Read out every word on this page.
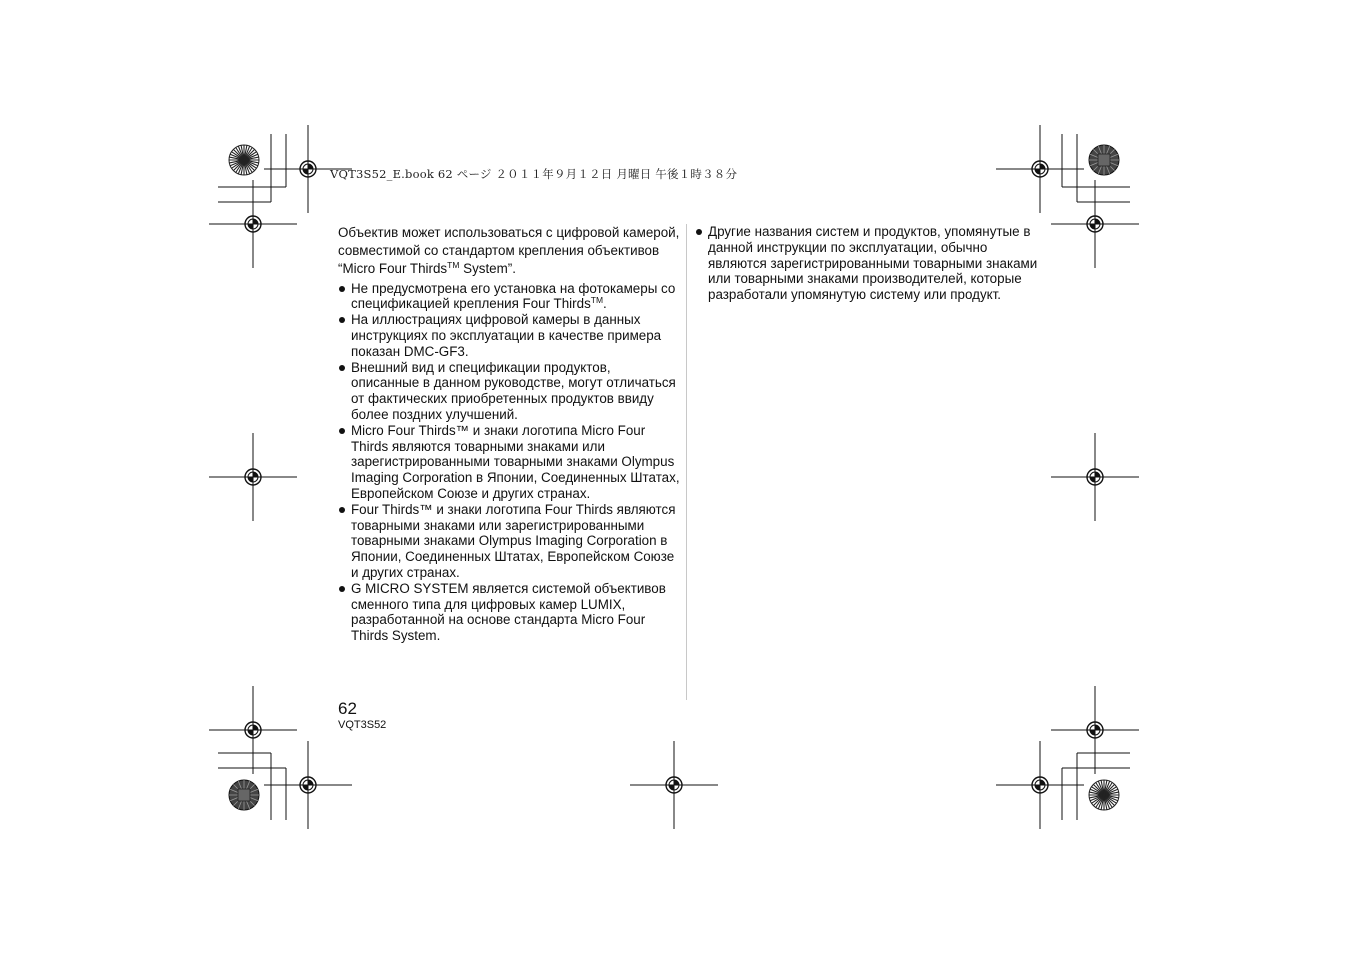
VQT3S52_E.book 62 ページ ２０１１年９月１２日 月曜日 午後１時３８分

Объектив может использоваться с цифровой камерой, совместимой со стандартом крепления объективов “Micro Four Thirds™ System”.

Не предусмотрена его установка на фотокамеры со спецификацией крепления Four Thirds™.
На иллюстрациях цифровой камеры в данных инструкциях по эксплуатации в качестве примера показан DMC-GF3.
Внешний вид и спецификации продуктов, описанные в данном руководстве, могут отличаться от фактических приобретенных продуктов ввиду более поздних улучшений.
Micro Four Thirds™ и знаки логотипа Micro Four Thirds являются товарными знаками или зарегистрированными товарными знаками Olympus Imaging Corporation в Японии, Соединенных Штатах, Европейском Союзе и других странах.
Four Thirds™ и знаки логотипа Four Thirds являются товарными знаками или зарегистрированными товарными знаками Olympus Imaging Corporation в Японии, Соединенных Штатах, Европейском Союзе и других странах.
G MICRO SYSTEM является системой объективов сменного типа для цифровых камер LUMIX, разработанной на основе стандарта Micro Four Thirds System.
Другие названия систем и продуктов, упомянутые в данной инструкции по эксплуатации, обычно являются зарегистрированными товарными знаками или товарными знаками производителей, которые разработали упомянутую систему или продукт.
62
VQT3S52
